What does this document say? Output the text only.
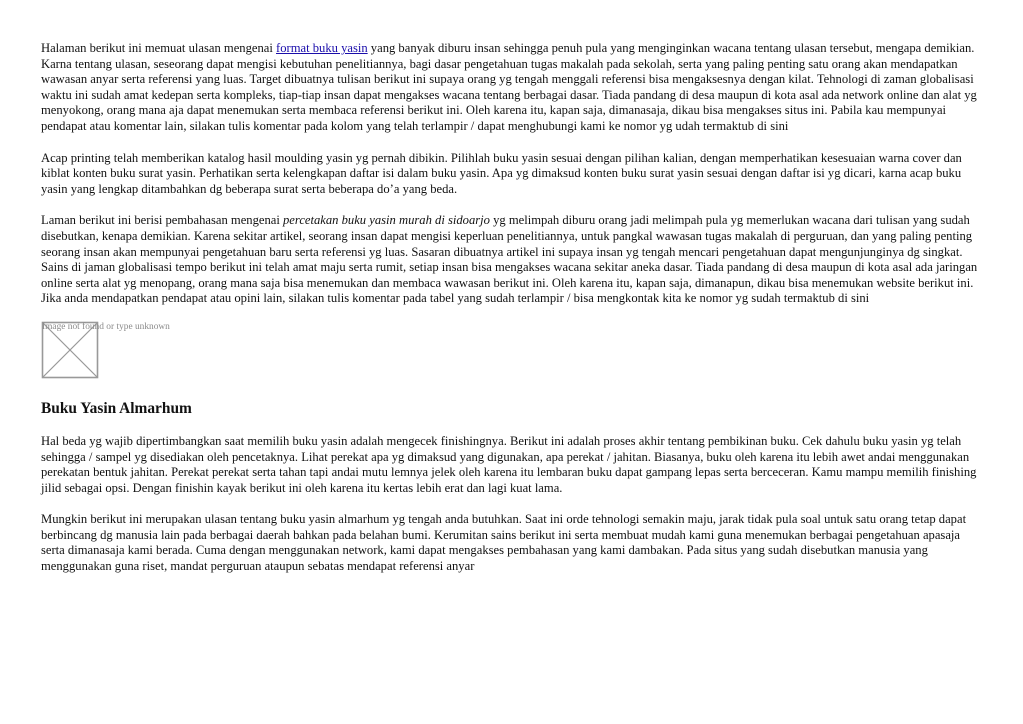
Halaman berikut ini memuat ulasan mengenai format buku yasin yang banyak diburu insan sehingga penuh pula yang menginginkan wacana tentang ulasan tersebut, mengapa demikian. Karna tentang ulasan, seseorang dapat mengisi kebutuhan penelitiannya, bagi dasar pengetahuan tugas makalah pada sekolah, serta yang paling penting satu orang akan mendapatkan wawasan anyar serta referensi yang luas. Target dibuatnya tulisan berikut ini supaya orang yg tengah menggali referensi bisa mengaksesnya dengan kilat. Tehnologi di zaman globalisasi waktu ini sudah amat kedepan serta kompleks, tiap-tiap insan dapat mengakses wacana tentang berbagai dasar. Tiada pandang di desa maupun di kota asal ada network online dan alat yg menyokong, orang mana aja dapat menemukan serta membaca referensi berikut ini. Oleh karena itu, kapan saja, dimanasaja, dikau bisa mengakses situs ini. Pabila kau mempunyai pendapat atau komentar lain, silakan tulis komentar pada kolom yang telah terlampir / dapat menghubungi kami ke nomor yg udah termaktub di sini

Acap printing telah memberikan katalog hasil moulding yasin yg pernah dibikin. Pilihlah buku yasin sesuai dengan pilihan kalian, dengan memperhatikan kesesuaian warna cover dan kiblat konten buku surat yasin. Perhatikan serta kelengkapan daftar isi dalam buku yasin. Apa yg dimaksud konten buku surat yasin sesuai dengan daftar isi yg dicari, karna acap buku yasin yang lengkap ditambahkan dg beberapa surat serta beberapa do’a yang beda.

Laman berikut ini berisi pembahasan mengenai percetakan buku yasin murah di sidoarjo yg melimpah diburu orang jadi melimpah pula yg memerlukan wacana dari tulisan yang sudah disebutkan, kenapa demikian. Karena sekitar artikel, seorang insan dapat mengisi keperluan penelitiannya, untuk pangkal wawasan tugas makalah di perguruan, dan yang paling penting seorang insan akan mempunyai pengetahuan baru serta referensi yg luas. Sasaran dibuatnya artikel ini supaya insan yg tengah mencari pengetahuan dapat mengunjunginya dg singkat. Sains di jaman globalisasi tempo berikut ini telah amat maju serta rumit, setiap insan bisa mengakses wacana sekitar aneka dasar. Tiada pandang di desa maupun di kota asal ada jaringan online serta alat yg menopang, orang mana saja bisa menemukan dan membaca wawasan berikut ini. Oleh karena itu, kapan saja, dimanapun, dikau bisa menemukan website berikut ini. Jika anda mendapatkan pendapat atau opini lain, silakan tulis komentar pada tabel yang sudah terlampir / bisa mengkontak kita ke nomor yg sudah termaktub di sini

Image not found or type unknown
Buku Yasin Almarhum

Hal beda yg wajib dipertimbangkan saat memilih buku yasin adalah mengecek finishingnya. Berikut ini adalah proses akhir tentang pembikinan buku. Cek dahulu buku yasin yg telah sehingga / sampel yg disediakan oleh pencetaknya. Lihat perekat apa yg dimaksud yang digunakan, apa perekat / jahitan. Biasanya, buku oleh karena itu lebih awet andai menggunakan perekatan bentuk jahitan. Perekat perekat serta tahan tapi andai mutu lemnya jelek oleh karena itu lembaran buku dapat gampang lepas serta berceceran. Kamu mampu memilih finishing jilid sebagai opsi. Dengan finishin kayak berikut ini oleh karena itu kertas lebih erat dan lagi kuat lama.

Mungkin berikut ini merupakan ulasan tentang buku yasin almarhum yg tengah anda butuhkan. Saat ini orde tehnologi semakin maju, jarak tidak pula soal untuk satu orang tetap dapat berbincang dg manusia lain pada berbagai daerah bahkan pada belahan bumi. Kerumitan sains berikut ini serta membuat mudah kami guna menemukan berbagai pengetahuan apasaja serta dimanasaja kami berada. Cuma dengan menggunakan network, kami dapat mengakses pembahasan yang kami dambakan. Pada situs yang sudah disebutkan manusia yang menggunakan guna riset, mandat perguruan ataupun sebatas mendapat referensi anyar
